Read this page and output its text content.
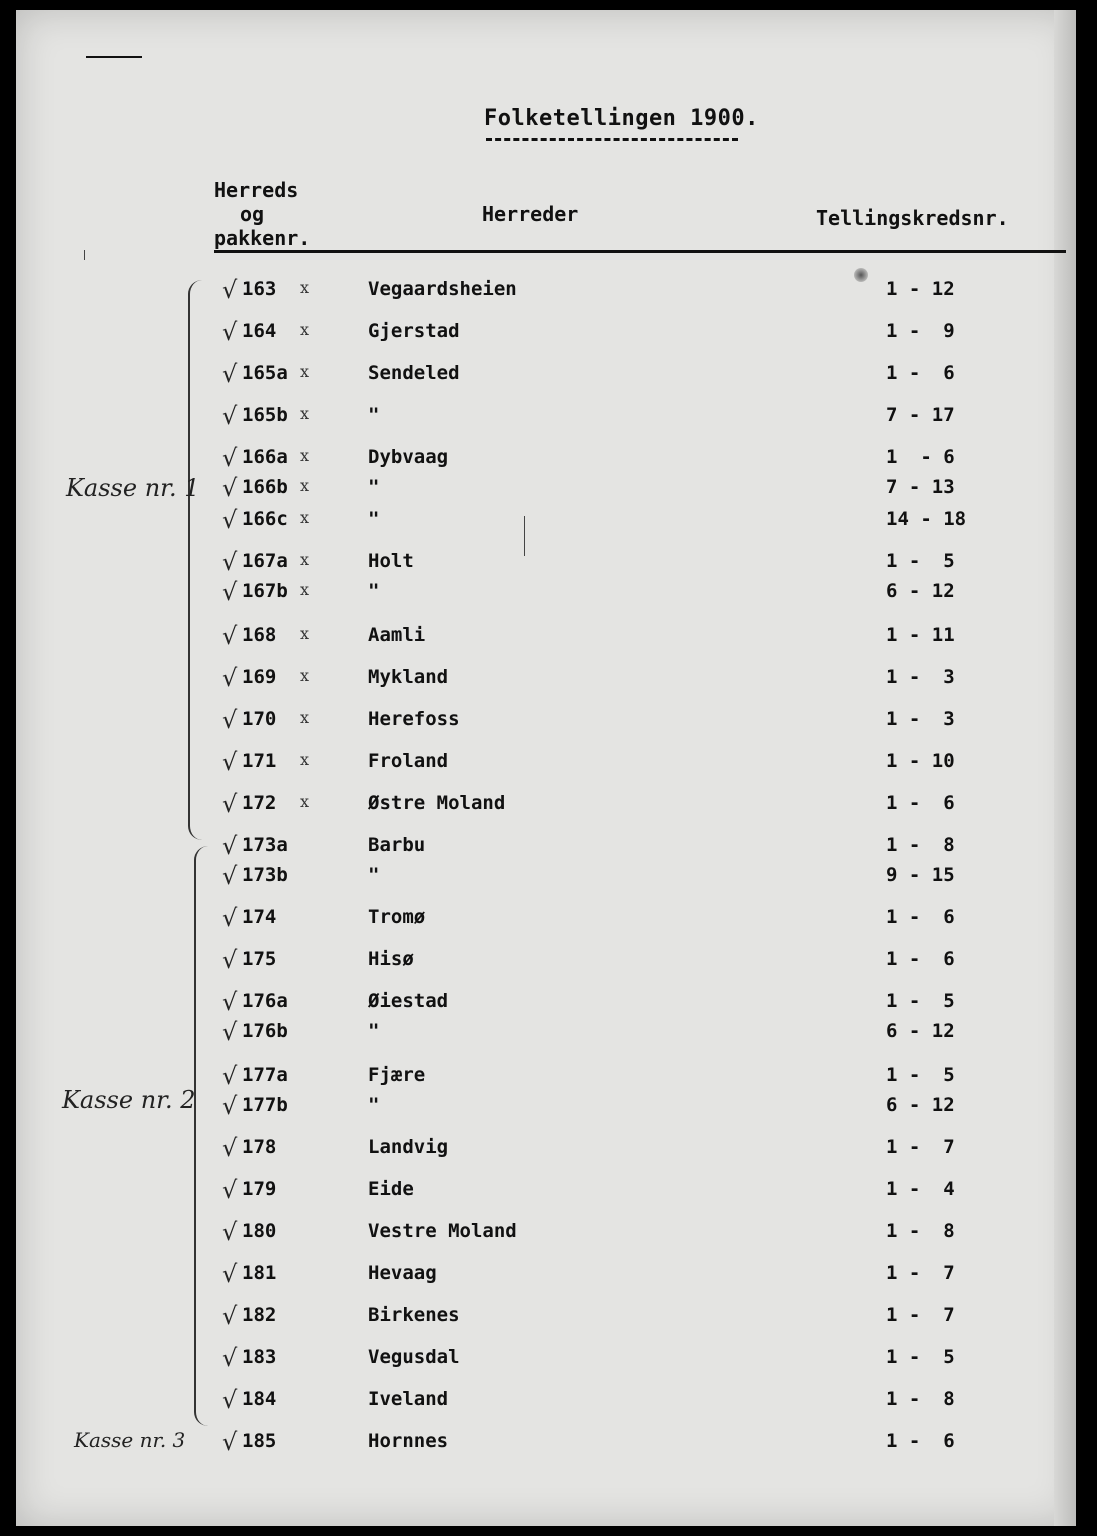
Folketellingen 1900.
Herreds
og
pakkenr.
Herreder	Tellingskredsnr.
Kasse nr. 1
Kasse nr. 2
Kasse nr. 3
√ 163 x	Vegaardsheien	1 - 12
√ 164 x	Gjerstad	1 -  9
√ 165a x	Sendeled	1 -  6
√ 165b x	"	7 - 17
√ 166a x	Dybvaag	1  - 6
√ 166b x	"	7 - 13
√ 166c x	"	14 - 18
√ 167a x	Holt	1 -  5
√ 167b x	"	6 - 12
√ 168 x	Aamli	1 - 11
√ 169 x	Mykland	1 -  3
√ 170 x	Herefoss	1 -  3
√ 171 x	Froland	1 - 10
√ 172 x	Østre Moland	1 -  6
√ 173a	Barbu	1 -  8
√ 173b	"	9 - 15
√ 174	Tromø	1 -  6
√ 175	Hisø	1 -  6
√ 176a	Øiestad	1 -  5
√ 176b	"	6 - 12
√ 177a	Fjære	1 -  5
√ 177b	"	6 - 12
√ 178	Landvig	1 -  7
√ 179	Eide	1 -  4
√ 180	Vestre Moland	1 -  8
√ 181	Hevaag	1 -  7
√ 182	Birkenes	1 -  7
√ 183	Vegusdal	1 -  5
√ 184	Iveland	1 -  8
√ 185	Hornnes	1 -  6
